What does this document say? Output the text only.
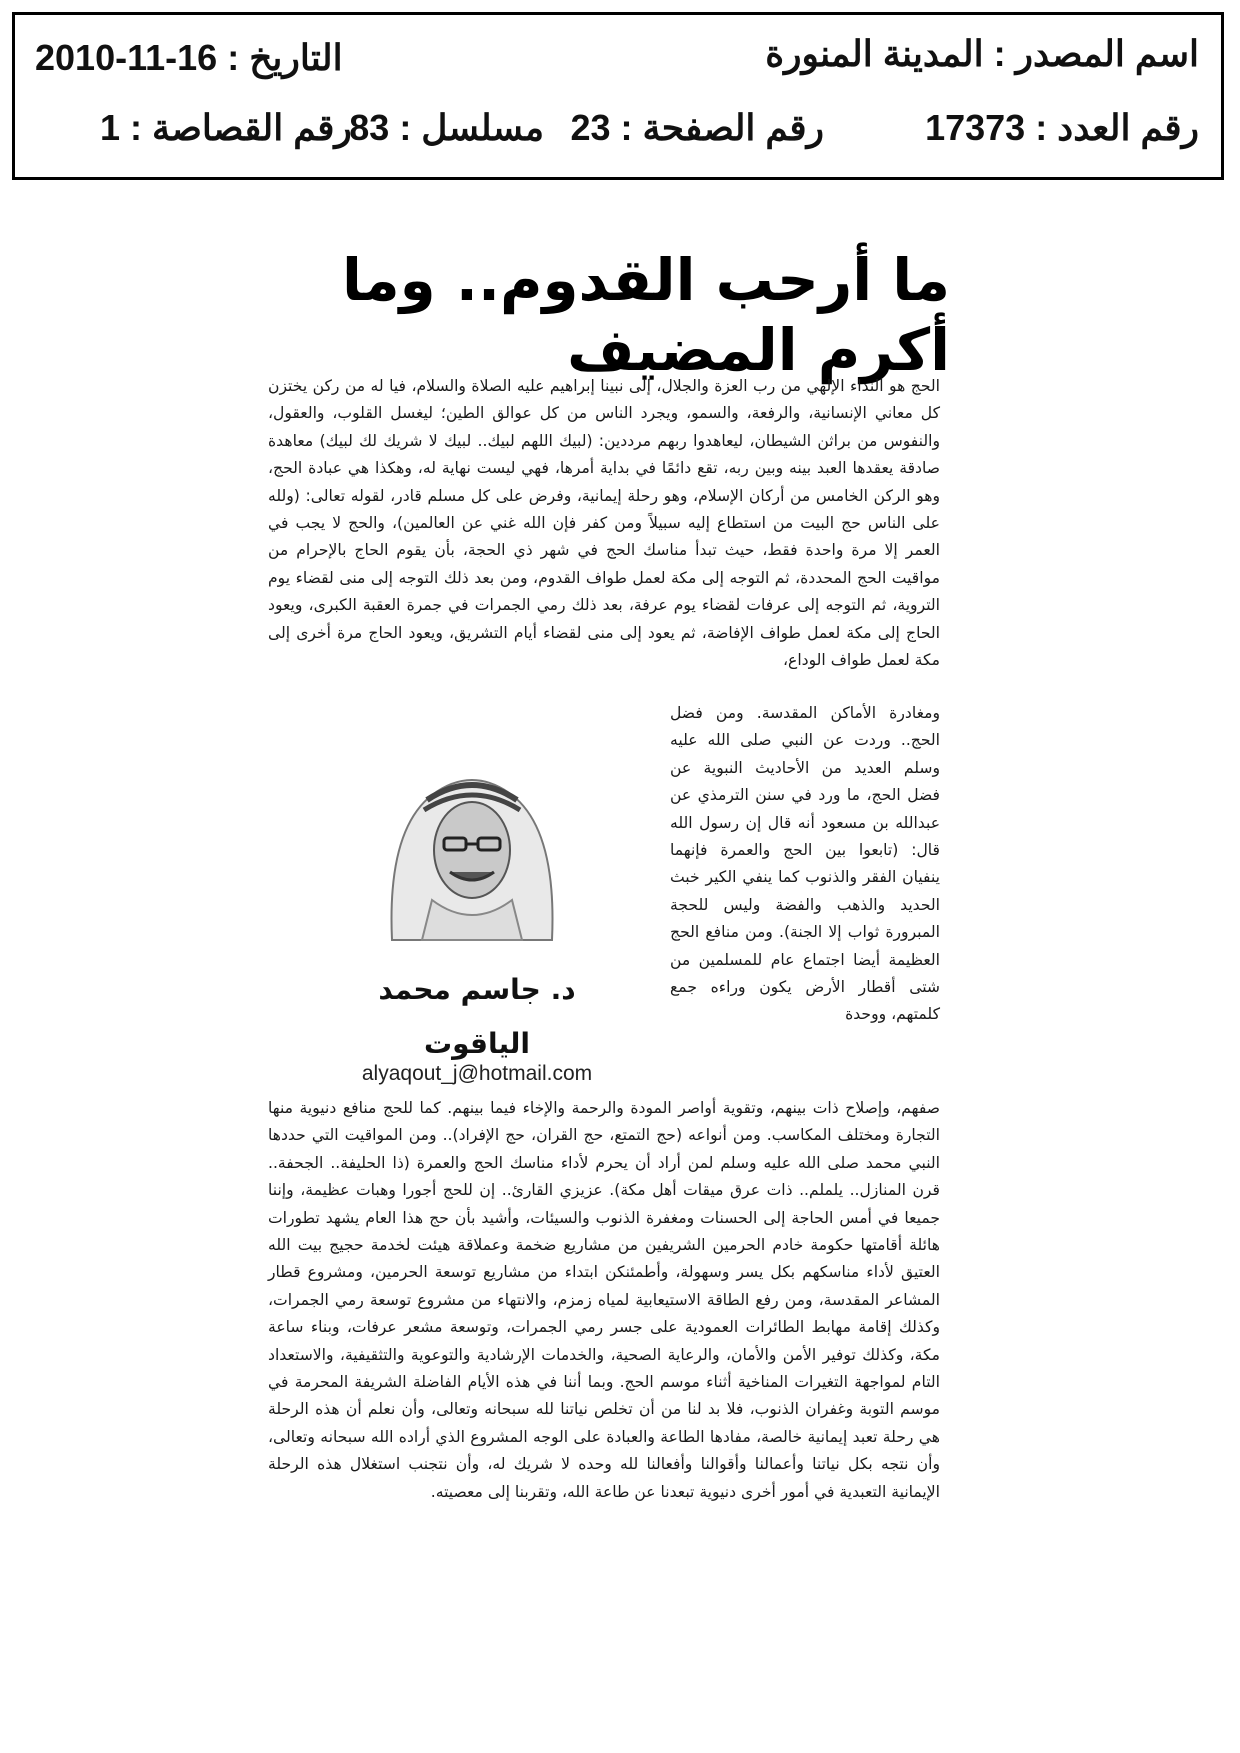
اسم المصدر : المدينة المنورة
التاريخ : 16-11-2010
رقم العدد : 17373
رقم الصفحة : 23
مسلسل : 83
رقم القصاصة : 1
ما أرحب القدوم.. وما
أكرم المضيف
الحج هو النداء الإلهي من رب العزة والجلال، إلى نبينا إبراهيم عليه الصلاة والسلام، فيا له من ركن يختزن كل معاني الإنسانية، والرفعة، والسمو، ويجرد الناس من كل عوالق الطين؛ ليغسل القلوب، والعقول، والنفوس من براثن الشيطان، ليعاهدوا ربهم مرددين: (لبيك اللهم لبيك.. لبيك لا شريك لك لبيك) معاهدة صادقة يعقدها العبد بينه وبين ربه، تقع دائمًا في بداية أمرها، فهي ليست نهاية له، وهكذا هي عبادة الحج، وهو الركن الخامس من أركان الإسلام، وهو رحلة إيمانية، وفرض على كل مسلم قادر، لقوله تعالى: (ولله على الناس حج البيت من استطاع إليه سبيلاً ومن كفر فإن الله غني عن العالمين)، والحج لا يجب في العمر إلا مرة واحدة فقط، حيث تبدأ مناسك الحج في شهر ذي الحجة، بأن يقوم الحاج بالإحرام من مواقيت الحج المحددة، ثم التوجه إلى مكة لعمل طواف القدوم، ومن بعد ذلك التوجه إلى منى لقضاء يوم التروية، ثم التوجه إلى عرفات لقضاء يوم عرفة، بعد ذلك رمي الجمرات في جمرة العقبة الكبرى، ويعود الحاج إلى مكة لعمل طواف الإفاضة، ثم يعود إلى منى لقضاء أيام التشريق، ويعود الحاج مرة أخرى إلى مكة لعمل طواف الوداع،
ومغادرة الأماكن المقدسة. ومن فضل الحج.. وردت عن النبي صلى الله عليه وسلم العديد من الأحاديث النبوية عن فضل الحج، ما ورد في سنن الترمذي عن عبدالله بن مسعود أنه قال إن رسول الله قال: (تابعوا بين الحج والعمرة فإنهما ينفيان الفقر والذنوب كما ينفي الكير خبث الحديد والذهب والفضة وليس للحجة المبرورة ثواب إلا الجنة). ومن منافع الحج العظيمة أيضا اجتماع عام للمسلمين من شتى أقطار الأرض يكون وراءه جمع كلمتهم، ووحدة
د. جاسم محمد
الياقوت
alyaqout_j@hotmail.com
صفهم، وإصلاح ذات بينهم، وتقوية أواصر المودة والرحمة والإخاء فيما بينهم. كما للحج منافع دنيوية منها التجارة ومختلف المكاسب. ومن أنواعه (حج التمتع، حج القران، حج الإفراد).. ومن المواقيت التي حددها النبي محمد صلى الله عليه وسلم لمن أراد أن يحرم لأداء مناسك الحج والعمرة (ذا الحليفة.. الجحفة.. قرن المنازل.. يلملم.. ذات عرق ميقات أهل مكة). عزيزي القارئ.. إن للحج أجورا وهبات عظيمة، وإننا جميعا في أمس الحاجة إلى الحسنات ومغفرة الذنوب والسيئات، وأشيد بأن حج هذا العام يشهد تطورات هائلة أقامتها حكومة خادم الحرمين الشريفين من مشاريع ضخمة وعملاقة هيئت لخدمة حجيج بيت الله العتيق لأداء مناسكهم بكل يسر وسهولة، وأطمئنكن ابتداء من مشاريع توسعة الحرمين، ومشروع قطار المشاعر المقدسة، ومن رفع الطاقة الاستيعابية لمياه زمزم، والانتهاء من مشروع توسعة رمي الجمرات، وكذلك إقامة مهابط الطائرات العمودية على جسر رمي الجمرات، وتوسعة مشعر عرفات، وبناء ساعة مكة، وكذلك توفير الأمن والأمان، والرعاية الصحية، والخدمات الإرشادية والتوعوية والتثقيفية، والاستعداد التام لمواجهة التغيرات المناخية أثناء موسم الحج. وبما أننا في هذه الأيام الفاضلة الشريفة المحرمة في موسم التوبة وغفران الذنوب، فلا بد لنا من أن تخلص نياتنا لله سبحانه وتعالى، وأن نعلم أن هذه الرحلة هي رحلة تعبد إيمانية خالصة، مفادها الطاعة والعبادة على الوجه المشروع الذي أراده الله سبحانه وتعالى، وأن نتجه بكل نياتنا وأعمالنا وأقوالنا وأفعالنا لله وحده لا شريك له، وأن نتجنب استغلال هذه الرحلة الإيمانية التعبدية في أمور أخرى دنيوية تبعدنا عن طاعة الله، وتقربنا إلى معصيته.
